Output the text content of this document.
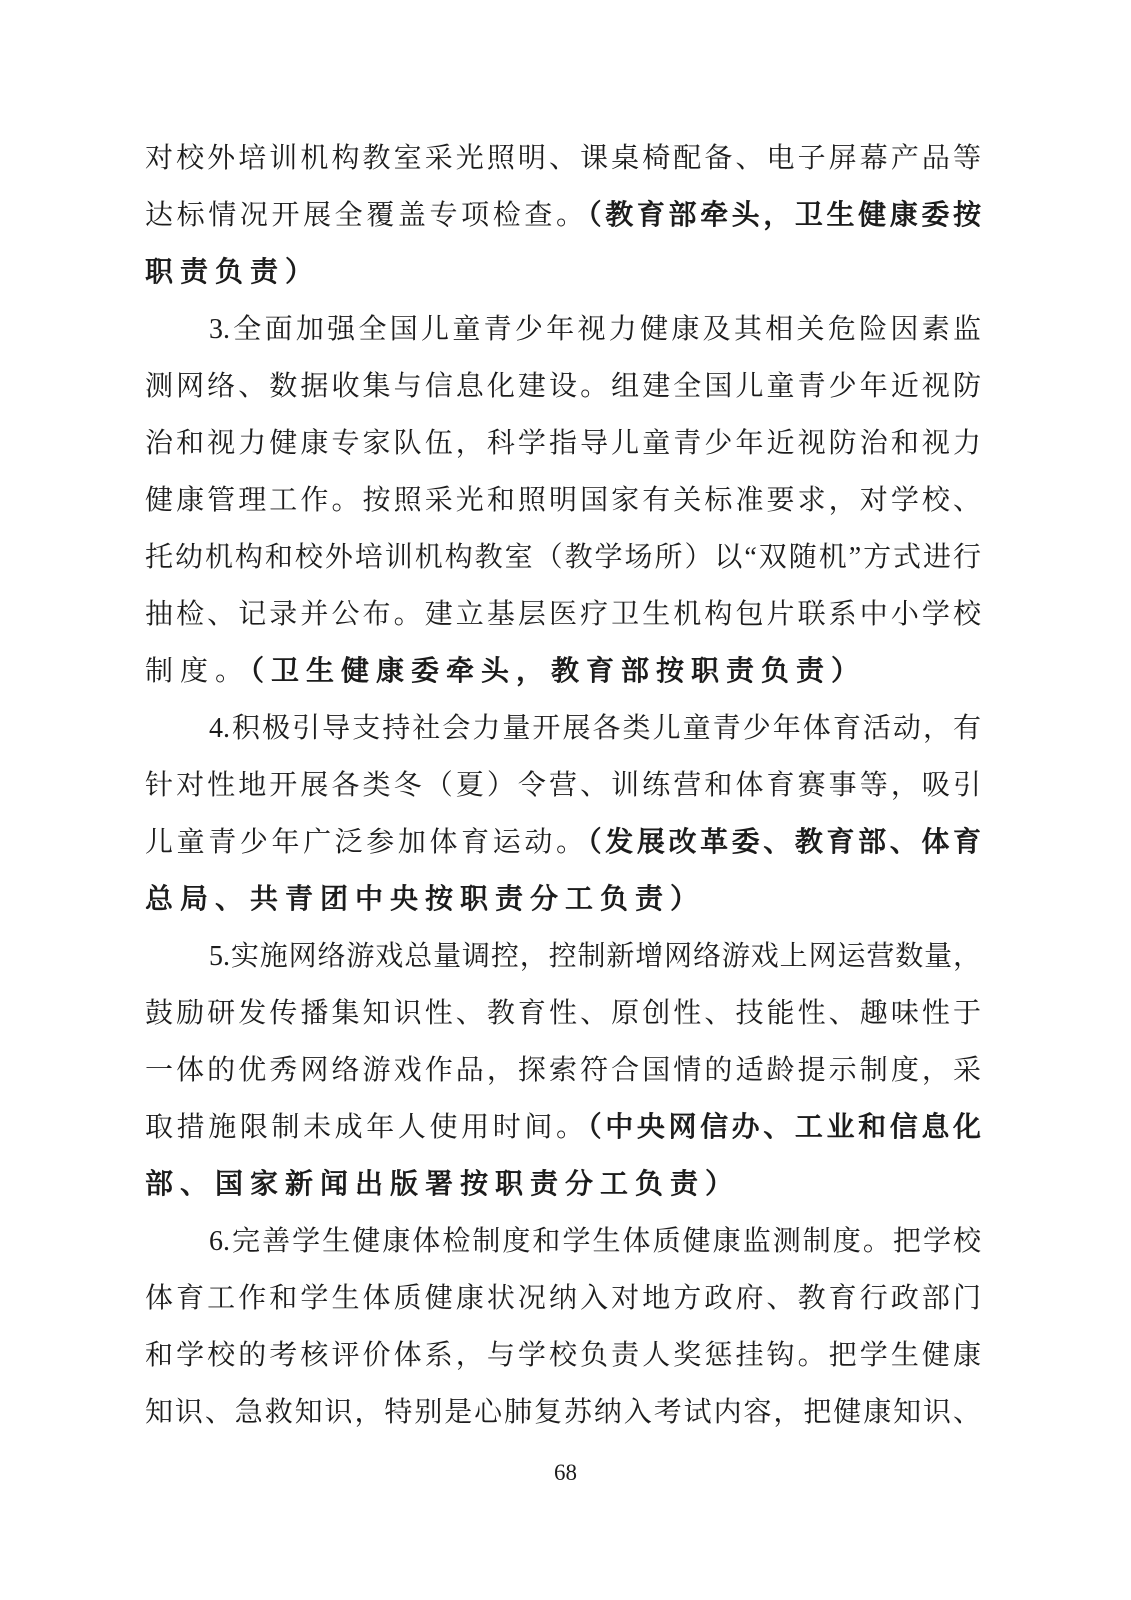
对校外培训机构教室采光照明、课桌椅配备、电子屏幕产品等
达标情况开展全覆盖专项检查。（教育部牵头，卫生健康委按
职责负责）
3.全面加强全国儿童青少年视力健康及其相关危险因素监
测网络、数据收集与信息化建设。组建全国儿童青少年近视防
治和视力健康专家队伍，科学指导儿童青少年近视防治和视力
健康管理工作。按照采光和照明国家有关标准要求，对学校、
托幼机构和校外培训机构教室（教学场所）以“双随机”方式进行
抽检、记录并公布。建立基层医疗卫生机构包片联系中小学校
制度。（卫生健康委牵头，教育部按职责负责）
4.积极引导支持社会力量开展各类儿童青少年体育活动，有
针对性地开展各类冬（夏）令营、训练营和体育赛事等，吸引
儿童青少年广泛参加体育运动。（发展改革委、教育部、体育
总局、共青团中央按职责分工负责）
5.实施网络游戏总量调控，控制新增网络游戏上网运营数量，
鼓励研发传播集知识性、教育性、原创性、技能性、趣味性于
一体的优秀网络游戏作品，探索符合国情的适龄提示制度，采
取措施限制未成年人使用时间。（中央网信办、工业和信息化
部、国家新闻出版署按职责分工负责）
6.完善学生健康体检制度和学生体质健康监测制度。把学校
体育工作和学生体质健康状况纳入对地方政府、教育行政部门
和学校的考核评价体系，与学校负责人奖惩挂钩。把学生健康
知识、急救知识，特别是心肺复苏纳入考试内容，把健康知识、
68
